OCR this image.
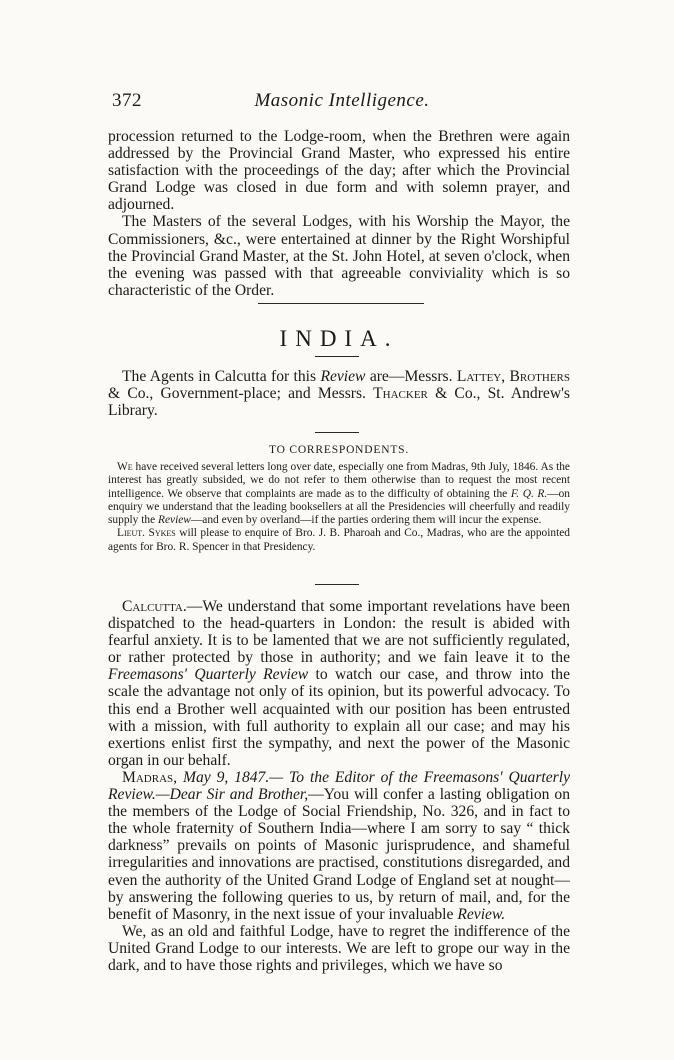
372	Masonic Intelligence.

procession returned to the Lodge-room, when the Brethren were again addressed by the Provincial Grand Master, who expressed his entire satisfaction with the proceedings of the day; after which the Provincial Grand Lodge was closed in due form and with solemn prayer, and adjourned.

The Masters of the several Lodges, with his Worship the Mayor, the Commissioners, &c., were entertained at dinner by the Right Worshipful the Provincial Grand Master, at the St. John Hotel, at seven o'clock, when the evening was passed with that agreeable conviviality which is so characteristic of the Order.

INDIA.

The Agents in Calcutta for this Review are—Messrs. Lattey, Brothers & Co., Government-place; and Messrs. Thacker & Co., St. Andrew's Library.

TO CORRESPONDENTS.

We have received several letters long over date, especially one from Madras, 9th July, 1846. As the interest has greatly subsided, we do not refer to them otherwise than to request the most recent intelligence. We observe that complaints are made as to the difficulty of obtaining the F. Q. R.—on enquiry we understand that the leading booksellers at all the Presidencies will cheerfully and readily supply the Review—and even by overland—if the parties ordering them will incur the expense.

Lieut. Sykes will please to enquire of Bro. J. B. Pharoah and Co., Madras, who are the appointed agents for Bro. R. Spencer in that Presidency.

Calcutta.—We understand that some important revelations have been dispatched to the head-quarters in London: the result is abided with fearful anxiety. It is to be lamented that we are not sufficiently regulated, or rather protected by those in authority; and we fain leave it to the Freemasons' Quarterly Review to watch our case, and throw into the scale the advantage not only of its opinion, but its powerful advocacy. To this end a Brother well acquainted with our position has been entrusted with a mission, with full authority to explain all our case; and may his exertions enlist first the sympathy, and next the power of the Masonic organ in our behalf.

Madras, May 9, 1847.— To the Editor of the Freemasons' Quarterly Review.—Dear Sir and Brother,—You will confer a lasting obligation on the members of the Lodge of Social Friendship, No. 326, and in fact to the whole fraternity of Southern India—where I am sorry to say “ thick darkness” prevails on points of Masonic jurisprudence, and shameful irregularities and innovations are practised, constitutions disregarded, and even the authority of the United Grand Lodge of England set at nought—by answering the following queries to us, by return of mail, and, for the benefit of Masonry, in the next issue of your invaluable Review.

We, as an old and faithful Lodge, have to regret the indifference of the United Grand Lodge to our interests. We are left to grope our way in the dark, and to have those rights and privileges, which we have so
